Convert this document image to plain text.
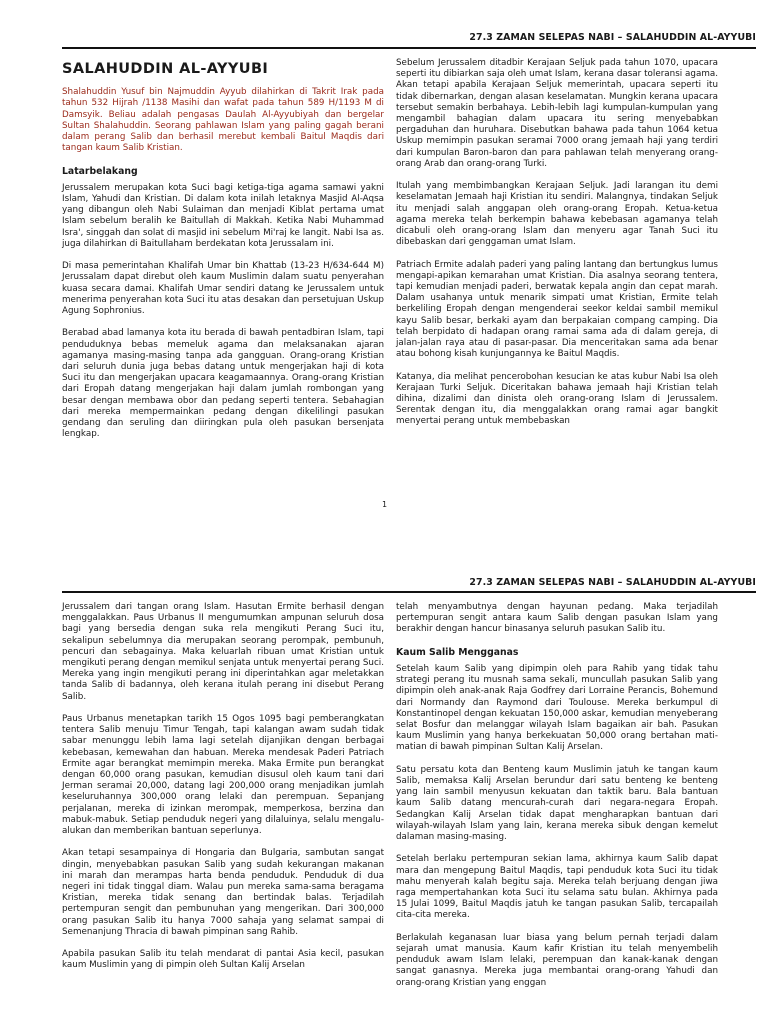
27.3 ZAMAN SELEPAS NABI – SALAHUDDIN AL-AYYUBI
SALAHUDDIN AL-AYYUBI

Shalahuddin Yusuf bin Najmuddin Ayyub dilahirkan di Takrit Irak pada tahun 532 Hijrah /1138 Masihi dan wafat pada tahun 589 H/1193 M di Damsyik. Beliau adalah pengasas Daulah Al-Ayyubiyah dan bergelar Sultan Shalahuddin. Seorang pahlawan Islam yang paling gagah berani dalam perang Salib dan berhasil merebut kembali Baitul Maqdis dari tangan kaum Salib Kristian.

Latarbelakang

Jerussalem merupakan kota Suci bagi ketiga-tiga agama samawi yakni Islam, Yahudi dan Kristian. Di dalam kota inilah letaknya Masjid Al-Aqsa yang dibangun oleh Nabi Sulaiman dan menjadi Kiblat pertama umat Islam sebelum beralih ke Baitullah di Makkah. Ketika Nabi Muhammad Isra', singgah dan solat di masjid ini sebelum Mi'raj ke langit. Nabi Isa as. juga dilahirkan di Baitullaham berdekatan kota Jerussalam ini.

Di masa pemerintahan Khalifah Umar bin Khattab (13-23 H/634-644 M) Jerussalam dapat direbut oleh kaum Muslimin dalam suatu penyerahan kuasa secara damai. Khalifah Umar sendiri datang ke Jerussalem untuk menerima penyerahan kota Suci itu atas desakan dan persetujuan Uskup Agung Sophronius.

Berabad abad lamanya kota itu berada di bawah pentadbiran Islam, tapi penduduknya bebas memeluk agama dan melaksanakan ajaran agamanya masing-masing tanpa ada gangguan. Orang-orang Kristian dari seluruh dunia juga bebas datang untuk mengerjakan haji di kota Suci itu dan mengerjakan upacara keagamaannya. Orang-orang Kristian dari Eropah datang mengerjakan haji dalam jumlah rombongan yang besar dengan membawa obor dan pedang seperti tentera. Sebahagian dari mereka mempermainkan pedang dengan dikelilingi pasukan gendang dan seruling dan diiringkan pula oleh pasukan bersenjata lengkap.

Sebelum Jerussalem ditadbir Kerajaan Seljuk pada tahun 1070, upacara seperti itu dibiarkan saja oleh umat Islam, kerana dasar toleransi agama. Akan tetapi apabila Kerajaan Seljuk memerintah, upacara seperti itu tidak dibernarkan, dengan alasan keselamatan. Mungkin kerana upacara tersebut semakin berbahaya. Lebih-lebih lagi kumpulan-kumpulan yang mengambil bahagian dalam upacara itu sering menyebabkan pergaduhan dan huruhara. Disebutkan bahawa pada tahun 1064 ketua Uskup memimpin pasukan seramai 7000 orang jemaah haji yang terdiri dari kumpulan Baron-baron dan para pahlawan telah menyerang orang-orang Arab dan orang-orang Turki.

Itulah yang membimbangkan Kerajaan Seljuk. Jadi larangan itu demi keselamatan Jemaah haji Kristian itu sendiri. Malangnya, tindakan Seljuk itu menjadi salah anggapan oleh orang-orang Eropah. Ketua-ketua agama mereka telah berkempin bahawa kebebasan agamanya telah dicabuli oleh orang-orang Islam dan menyeru agar Tanah Suci itu dibebaskan dari genggaman umat Islam.

Patriach Ermite adalah paderi yang paling lantang dan bertungkus lumus mengapi-apikan kemarahan umat Kristian. Dia asalnya seorang tentera, tapi kemudian menjadi paderi, berwatak kepala angin dan cepat marah. Dalam usahanya untuk menarik simpati umat Kristian, Ermite telah berkeliling Eropah dengan mengenderai seekor keldai sambil memikul kayu Salib besar, berkaki ayam dan berpakaian compang camping. Dia telah berpidato di hadapan orang ramai sama ada di dalam gereja, di jalan-jalan raya atau di pasar-pasar. Dia menceritakan sama ada benar atau bohong kisah kunjungannya ke Baitul Maqdis.

Katanya, dia melihat pencerobohan kesucian ke atas kubur Nabi Isa oleh Kerajaan Turki Seljuk. Diceritakan bahawa jemaah haji Kristian telah dihina, dizalimi dan dinista oleh orang-orang Islam di Jerussalem. Serentak dengan itu, dia menggalakkan orang ramai agar bangkit menyertai perang untuk membebaskan

1
27.3 ZAMAN SELEPAS NABI – SALAHUDDIN AL-AYYUBI

Jerussalem dari tangan orang Islam. Hasutan Ermite berhasil dengan menggalakkan. Paus Urbanus II mengumumkan ampunan seluruh dosa bagi yang bersedia dengan suka rela mengikuti Perang Suci itu, sekalipun sebelumnya dia merupakan seorang perompak, pembunuh, pencuri dan sebagainya. Maka keluarlah ribuan umat Kristian untuk mengikuti perang dengan memikul senjata untuk menyertai perang Suci. Mereka yang ingin mengikuti perang ini diperintahkan agar meletakkan tanda Salib di badannya, oleh kerana itulah perang ini disebut Perang Salib.

Paus Urbanus menetapkan tarikh 15 Ogos 1095 bagi pemberangkatan tentera Salib menuju Timur Tengah, tapi kalangan awam sudah tidak sabar menunggu lebih lama lagi setelah dijanjikan dengan berbagai kebebasan, kemewahan dan habuan. Mereka mendesak Paderi Patriach Ermite agar berangkat memimpin mereka. Maka Ermite pun berangkat dengan 60,000 orang pasukan, kemudian disusul oleh kaum tani dari Jerman seramai 20,000, datang lagi 200,000 orang menjadikan jumlah keseluruhannya 300,000 orang lelaki dan perempuan. Sepanjang perjalanan, mereka di izinkan merompak, memperkosa, berzina dan mabuk-mabuk. Setiap penduduk negeri yang dilaluinya, selalu mengalu-alukan dan memberikan bantuan seperlunya.

Akan tetapi sesampainya di Hongaria dan Bulgaria, sambutan sangat dingin, menyebabkan pasukan Salib yang sudah kekurangan makanan ini marah dan merampas harta benda penduduk. Penduduk di dua negeri ini tidak tinggal diam. Walau pun mereka sama-sama beragama Kristian, mereka tidak senang dan bertindak balas. Terjadilah pertempuran sengit dan pembunuhan yang mengerikan. Dari 300,000 orang pasukan Salib itu hanya 7000 sahaja yang selamat sampai di Semenanjung Thracia di bawah pimpinan sang Rahib.

Apabila pasukan Salib itu telah mendarat di pantai Asia kecil, pasukan kaum Muslimin yang di pimpin oleh Sultan Kalij Arselan

telah menyambutnya dengan hayunan pedang. Maka terjadilah pertempuran sengit antara kaum Salib dengan pasukan Islam yang berakhir dengan hancur binasanya seluruh pasukan Salib itu.

Kaum Salib Mengganas

Setelah kaum Salib yang dipimpin oleh para Rahib yang tidak tahu strategi perang itu musnah sama sekali, muncullah pasukan Salib yang dipimpin oleh anak-anak Raja Godfrey dari Lorraine Perancis, Bohemund dari Normandy dan Raymond dari Toulouse. Mereka berkumpul di Konstantinopel dengan kekuatan 150,000 askar, kemudian menyeberang selat Bosfur dan melanggar wilayah Islam bagaikan air bah. Pasukan kaum Muslimin yang hanya berkekuatan 50,000 orang bertahan mati-matian di bawah pimpinan Sultan Kalij Arselan.

Satu persatu kota dan Benteng kaum Muslimin jatuh ke tangan kaum Salib, memaksa Kalij Arselan berundur dari satu benteng ke benteng yang lain sambil menyusun kekuatan dan taktik baru. Bala bantuan kaum Salib datang mencurah-curah dari negara-negara Eropah. Sedangkan Kalij Arselan tidak dapat mengharapkan bantuan dari wilayah-wilayah Islam yang lain, kerana mereka sibuk dengan kemelut dalaman masing-masing.

Setelah berlaku pertempuran sekian lama, akhirnya kaum Salib dapat mara dan mengepung Baitul Maqdis, tapi penduduk kota Suci itu tidak mahu menyerah kalah begitu saja. Mereka telah berjuang dengan jiwa raga mempertahankan kota Suci itu selama satu bulan. Akhirnya pada 15 Julai 1099, Baitul Maqdis jatuh ke tangan pasukan Salib, tercapailah cita-cita mereka.

Berlakulah keganasan luar biasa yang belum pernah terjadi dalam sejarah umat manusia. Kaum kafir Kristian itu telah menyembelih penduduk awam Islam lelaki, perempuan dan kanak-kanak dengan sangat ganasnya. Mereka juga membantai orang-orang Yahudi dan orang-orang Kristian yang enggan
